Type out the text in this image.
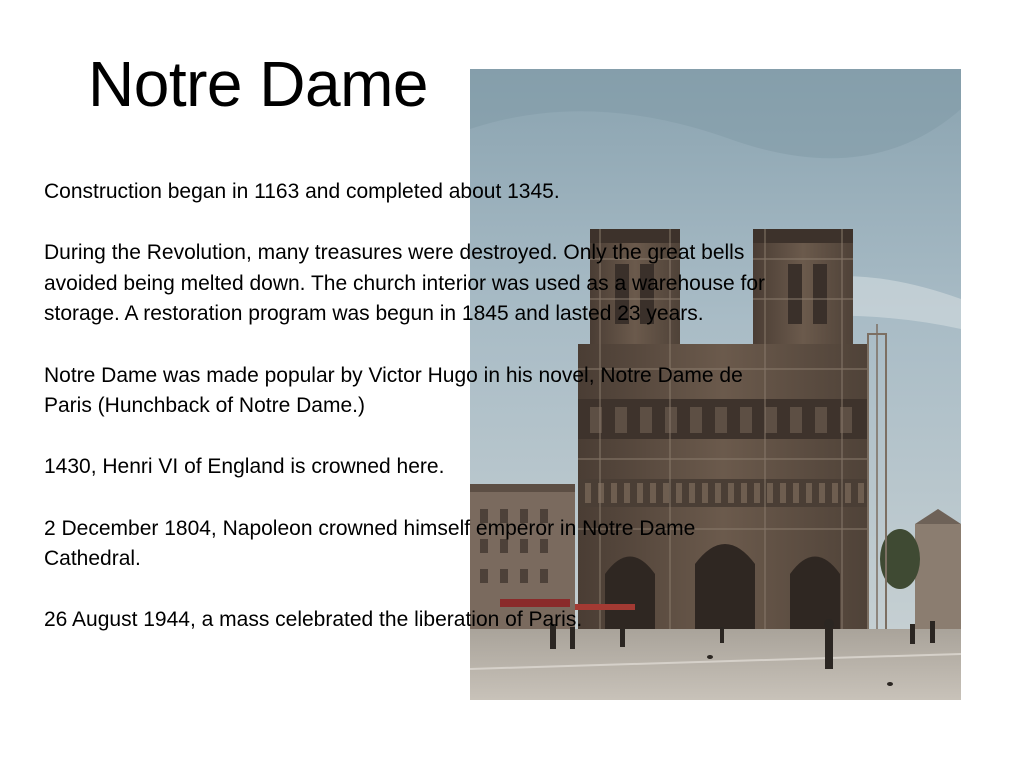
Notre Dame

Construction began in 1163 and completed about 1345.

During the Revolution, many treasures were destroyed. Only the great bells
avoided being melted down. The church interior was used as a warehouse for
storage. A restoration program was begun in 1845 and lasted 23 years.

Notre Dame was made popular by Victor Hugo in his novel, Notre Dame de
Paris (Hunchback of Notre Dame.)

1430, Henri VI of England is crowned here.

2 December 1804, Napoleon crowned himself emperor in Notre Dame
Cathedral.

26 August 1944, a mass celebrated the liberation of Paris.
